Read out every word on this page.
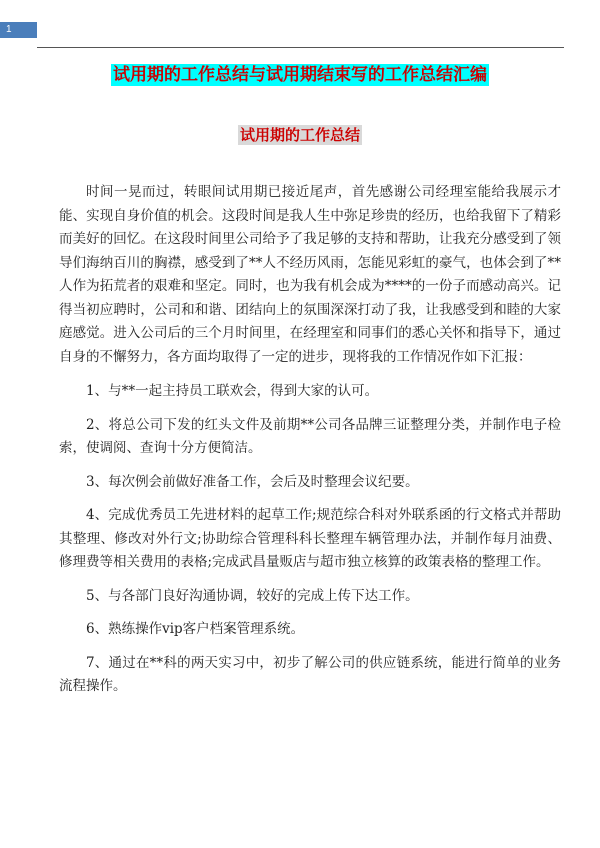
1
试用期的工作总结与试用期结束写的工作总结汇编
试用期的工作总结

时间一晃而过，转眼间试用期已接近尾声，首先感谢公司经理室能给我展示才能、实现自身价值的机会。这段时间是我人生中弥足珍贵的经历，也给我留下了精彩而美好的回忆。在这段时间里公司给予了我足够的支持和帮助，让我充分感受到了领导们海纳百川的胸襟，感受到了**人不经历风雨，怎能见彩虹的豪气，也体会到了**人作为拓荒者的艰难和坚定。同时，也为我有机会成为****的一份子而感动高兴。记得当初应聘时，公司和和谐、团结向上的氛围深深打动了我，让我感受到和睦的大家庭感觉。进入公司后的三个月时间里，在经理室和同事们的悉心关怀和指导下，通过自身的不懈努力，各方面均取得了一定的进步，现将我的工作情况作如下汇报：

1、与**一起主持员工联欢会，得到大家的认可。

2、将总公司下发的红头文件及前期**公司各品牌三证整理分类，并制作电子检索，使调阅、查询十分方便简洁。

3、每次例会前做好准备工作，会后及时整理会议纪要。

4、完成优秀员工先进材料的起草工作;规范综合科对外联系函的行文格式并帮助其整理、修改对外行文;协助综合管理科科长整理车辆管理办法，并制作每月油费、修理费等相关费用的表格;完成武昌量贩店与超市独立核算的政策表格的整理工作。

5、与各部门良好沟通协调，较好的完成上传下达工作。

6、熟练操作vip客户档案管理系统。

7、通过在**科的两天实习中，初步了解公司的供应链系统，能进行简单的业务流程操作。
